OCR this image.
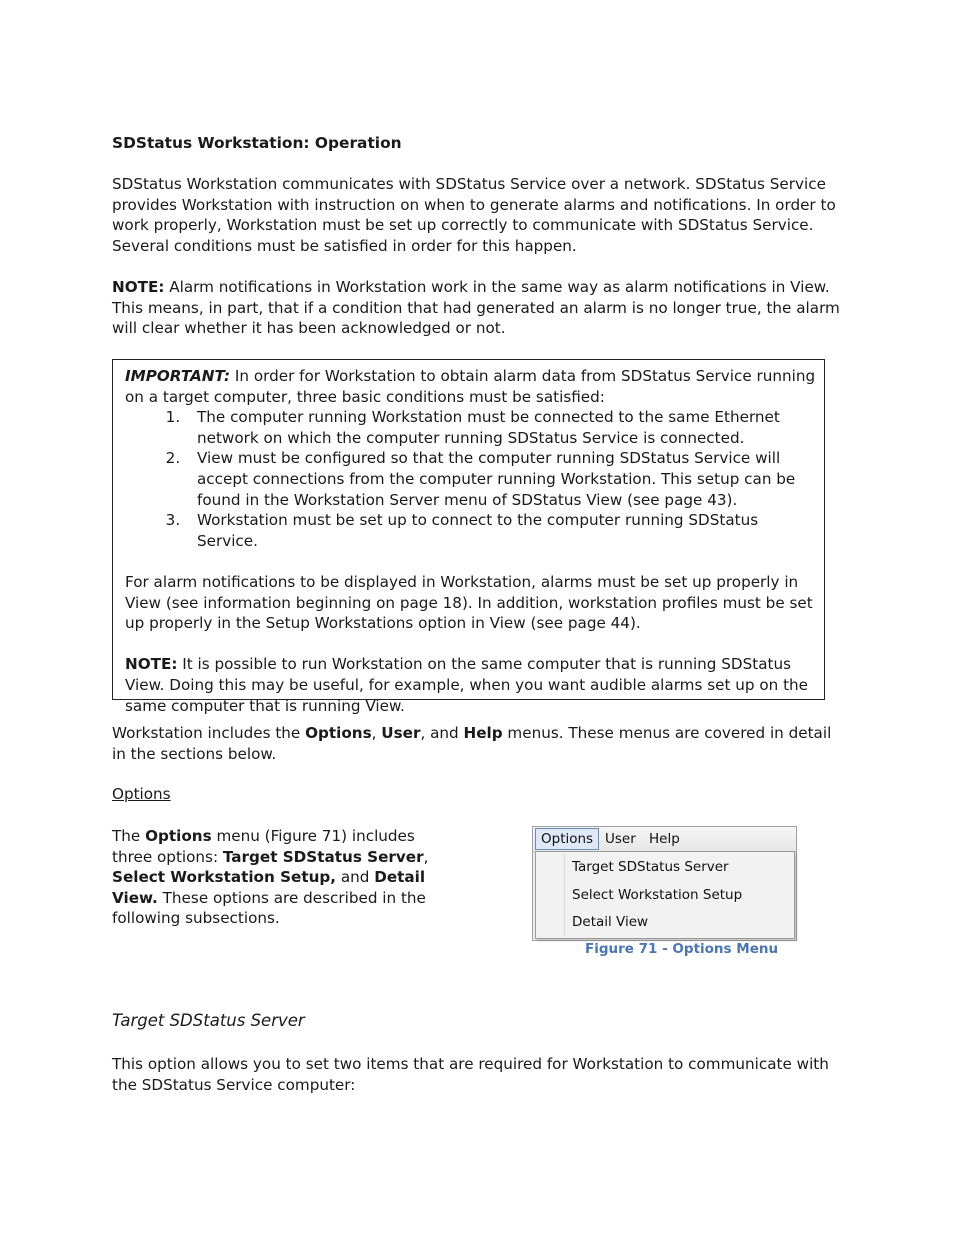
SDStatus Workstation: Operation

SDStatus Workstation communicates with SDStatus Service over a network. SDStatus Service provides Workstation with instruction on when to generate alarms and notifications. In order to work properly, Workstation must be set up correctly to communicate with SDStatus Service. Several conditions must be satisfied in order for this happen.

NOTE: Alarm notifications in Workstation work in the same way as alarm notifications in View. This means, in part, that if a condition that had generated an alarm is no longer true, the alarm will clear whether it has been acknowledged or not.

IMPORTANT: In order for Workstation to obtain alarm data from SDStatus Service running on a target computer, three basic conditions must be satisfied:

1. The computer running Workstation must be connected to the same Ethernet network on which the computer running SDStatus Service is connected.
2. View must be configured so that the computer running SDStatus Service will accept connections from the computer running Workstation. This setup can be found in the Workstation Server menu of SDStatus View (see page 43).
3. Workstation must be set up to connect to the computer running SDStatus Service.

For alarm notifications to be displayed in Workstation, alarms must be set up properly in View (see information beginning on page 18). In addition, workstation profiles must be set up properly in the Setup Workstations option in View (see page 44).

NOTE: It is possible to run Workstation on the same computer that is running SDStatus View. Doing this may be useful, for example, when you want audible alarms set up on the same computer that is running View.

Workstation includes the Options, User, and Help menus. These menus are covered in detail in the sections below.

Options

The Options menu (Figure 71) includes three options: Target SDStatus Server, Select Workstation Setup, and Detail View. These options are described in the following subsections.

Options User Help
Target SDStatus Server
Select Workstation Setup
Detail View
Figure 71 - Options Menu
Target SDStatus Server

This option allows you to set two items that are required for Workstation to communicate with the SDStatus Service computer:
